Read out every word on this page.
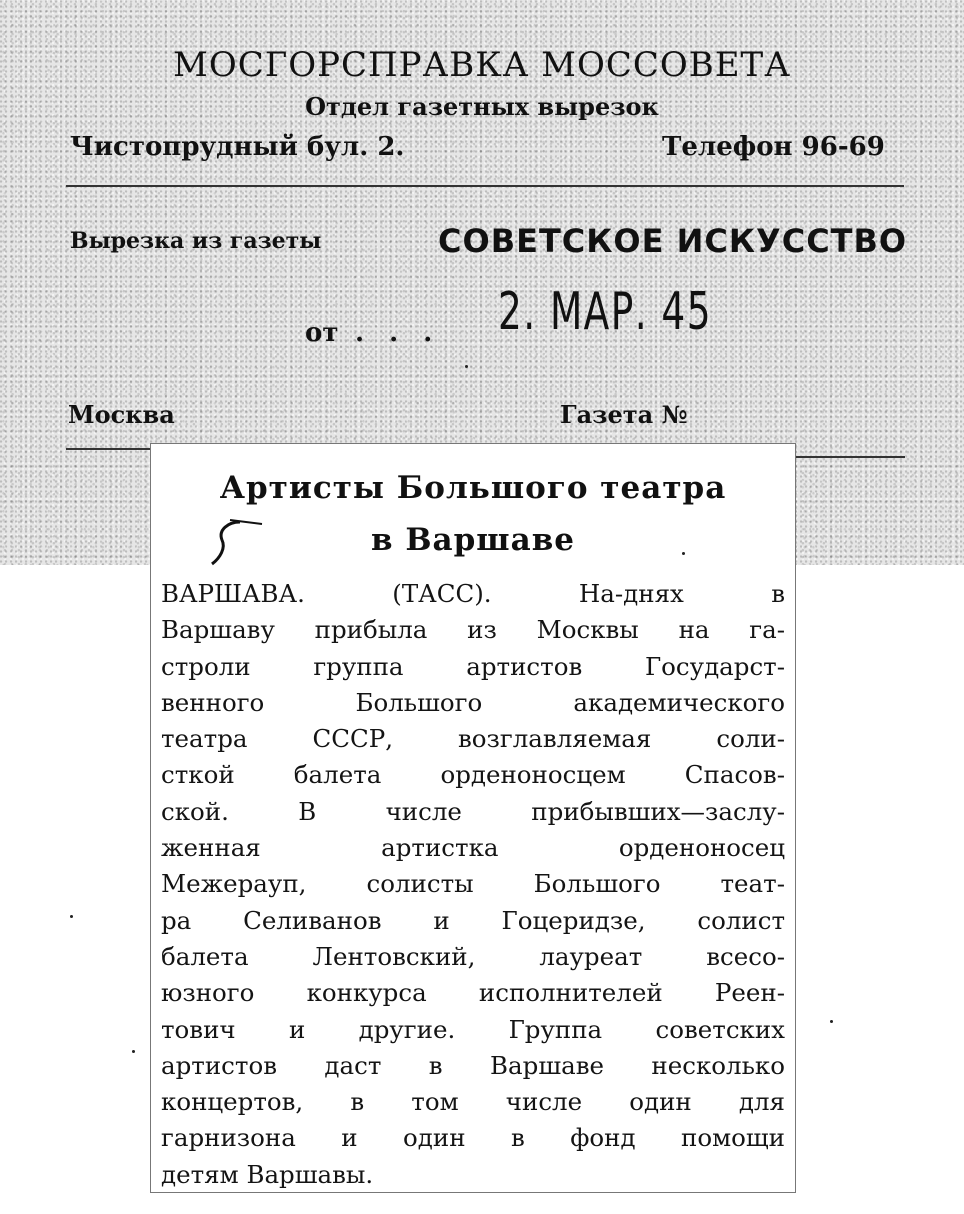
МОСГОРСПРАВКА МОССОВЕТА
Отдел газетных вырезок
Чистопрудный бул. 2.	Телефон 96-69
Вырезка из газеты	СОВЕТСКОЕ ИСКУССТВО
от . . . 2. МАР. 45
Москва	Газета №
Артисты Большого театра
в Варшаве
ВАРШАВА. (ТАСС). На-днях в
Варшаву прибыла из Москвы на га-
строли группа артистов Государст-
венного Большого академического
театра СССР, возглавляемая соли-
сткой балета орденоносцем Спасов-
ской. В числе прибывших—заслу-
женная артистка орденоносец
Межерауп, солисты Большого теат-
ра Селиванов и Гоцеридзе, солист
балета Лентовский, лауреат всесо-
юзного конкурса исполнителей Реен-
тович и другие. Группа советских
артистов даст в Варшаве несколько
концертов, в том числе один для
гарнизона и один в фонд помощи
детям Варшавы.
